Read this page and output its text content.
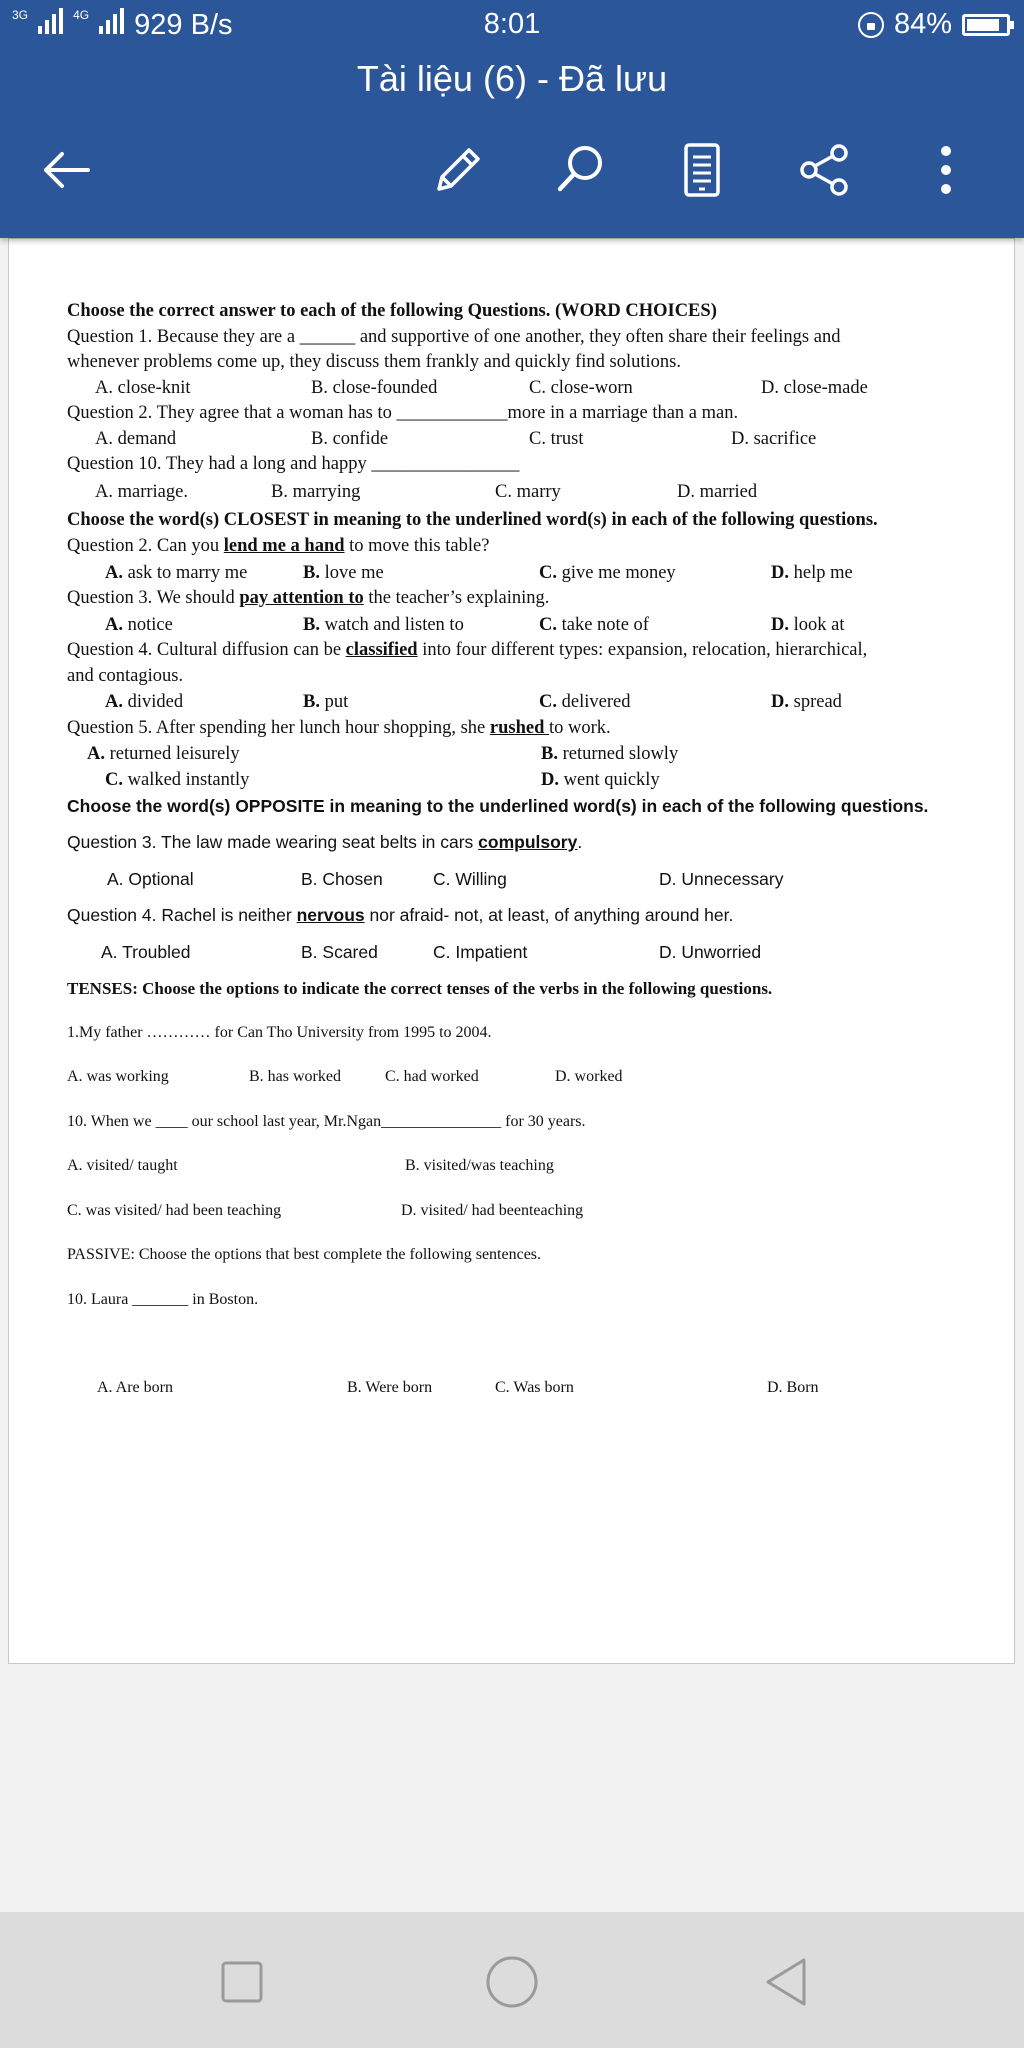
$^{3G}$	$^{4G}$	929 B/s	8:01	84%
Tài liệu (6) - Đã lưu
Choose the correct answer to each of the following Questions. (WORD CHOICES)
Question 1. Because they are a ______ and supportive of one another, they often share their feelings and
whenever problems come up, they discuss them frankly and quickly find solutions.
A. close-knit	B. close-founded	C. close-worn	D. close-made
Question 2. They agree that a woman has to ____________more in a marriage than a man.
A. demand	B. confide	C. trust	D. sacrifice
Question 10. They had a long and happy ________________
A. marriage.	B. marrying	C. marry	D. married
Choose the word(s) CLOSEST in meaning to the underlined word(s) in each of the following questions.
Question 2. Can you lend me a hand to move this table?
A. ask to marry me	B. love me	C. give me money	D. help me
Question 3. We should pay attention to the teacher’s explaining.
A. notice	B. watch and listen to	C. take note of	D. look at
Question 4. Cultural diffusion can be classified into four different types: expansion, relocation, hierarchical,
and contagious.
A. divided	B. put	C. delivered	D. spread
Question 5. After spending her lunch hour shopping, she rushed to work.
A. returned leisurely	B. returned slowly
C. walked instantly	D. went quickly
Choose the word(s) OPPOSITE in meaning to the underlined word(s) in each of the following questions.
Question 3. The law made wearing seat belts in cars compulsory.
A. Optional	B. Chosen	C. Willing	D. Unnecessary
Question 4. Rachel is neither nervous nor afraid- not, at least, of anything around her.
A. Troubled	B. Scared	C. Impatient	D. Unworried
TENSES: Choose the options to indicate the correct tenses of the verbs in the following questions.
1.My father ………… for Can Tho University from 1995 to 2004.
A. was working	B. has worked	C. had worked	D. worked
10. When we ____ our school last year, Mr.Ngan_______________ for 30 years.
A. visited/ taught	B. visited/was teaching
C. was visited/ had been teaching	D. visited/ had beenteaching
PASSIVE: Choose the options that best complete the following sentences.
10. Laura _______ in Boston.
A. Are born	B. Were born	C. Was born	D. Born
